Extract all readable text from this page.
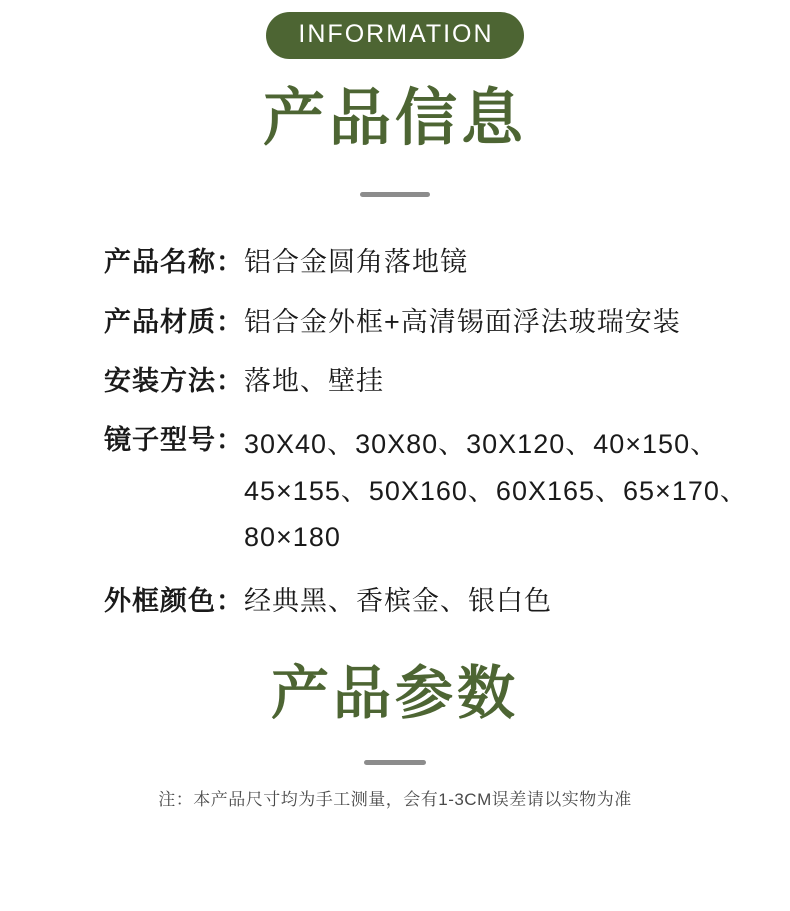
INFORMATION
产品信息
产品名称： 铝合金圆角落地镜
产品材质： 铝合金外框+高清锡面浮法玻瑞安装
安装方法： 落地、壁挂
镜子型号： 30X40、30X80、30X120、40×150、45×155、50X160、60X165、65×170、80×180
外框颜色： 经典黑、香槟金、银白色
产品参数
注：本产品尺寸均为手工测量，会有1-3CM误差请以实物为准
